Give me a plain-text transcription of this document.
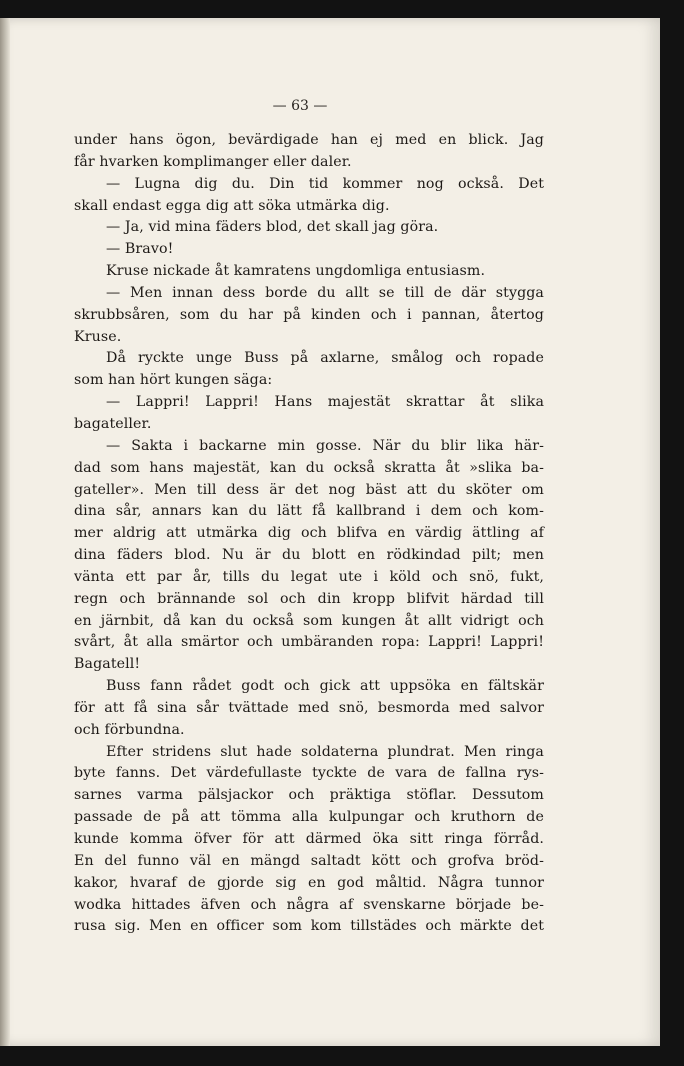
— 63 —
under hans ögon, bevärdigade han ej med en blick. Jag
får hvarken komplimanger eller daler.
— Lugna dig du. Din tid kommer nog också. Det
skall endast egga dig att söka utmärka dig.
— Ja, vid mina fäders blod, det skall jag göra.
— Bravo!
Kruse nickade åt kamratens ungdomliga entusiasm.
— Men innan dess borde du allt se till de där stygga
skrubbsåren, som du har på kinden och i pannan, återtog
Kruse.
Då ryckte unge Buss på axlarne, smålog och ropade
som han hört kungen säga:
— Lappri! Lappri! Hans majestät skrattar åt slika
bagateller.
— Sakta i backarne min gosse. När du blir lika här-
dad som hans majestät, kan du också skratta åt »slika ba-
gateller». Men till dess är det nog bäst att du sköter om
dina sår, annars kan du lätt få kallbrand i dem och kom-
mer aldrig att utmärka dig och blifva en värdig ättling af
dina fäders blod. Nu är du blott en rödkindad pilt; men
vänta ett par år, tills du legat ute i köld och snö, fukt,
regn och brännande sol och din kropp blifvit härdad till
en järnbit, då kan du också som kungen åt allt vidrigt och
svårt, åt alla smärtor och umbäranden ropa: Lappri! Lappri!
Bagatell!
Buss fann rådet godt och gick att uppsöka en fältskär
för att få sina sår tvättade med snö, besmorda med salvor
och förbundna.
Efter stridens slut hade soldaterna plundrat. Men ringa
byte fanns. Det värdefullaste tyckte de vara de fallna rys-
sarnes varma pälsjackor och präktiga stöflar. Dessutom
passade de på att tömma alla kulpungar och kruthorn de
kunde komma öfver för att därmed öka sitt ringa förråd.
En del funno väl en mängd saltadt kött och grofva bröd-
kakor, hvaraf de gjorde sig en god måltid. Några tunnor
wodka hittades äfven och några af svenskarne började be-
rusa sig. Men en officer som kom tillstädes och märkte det
